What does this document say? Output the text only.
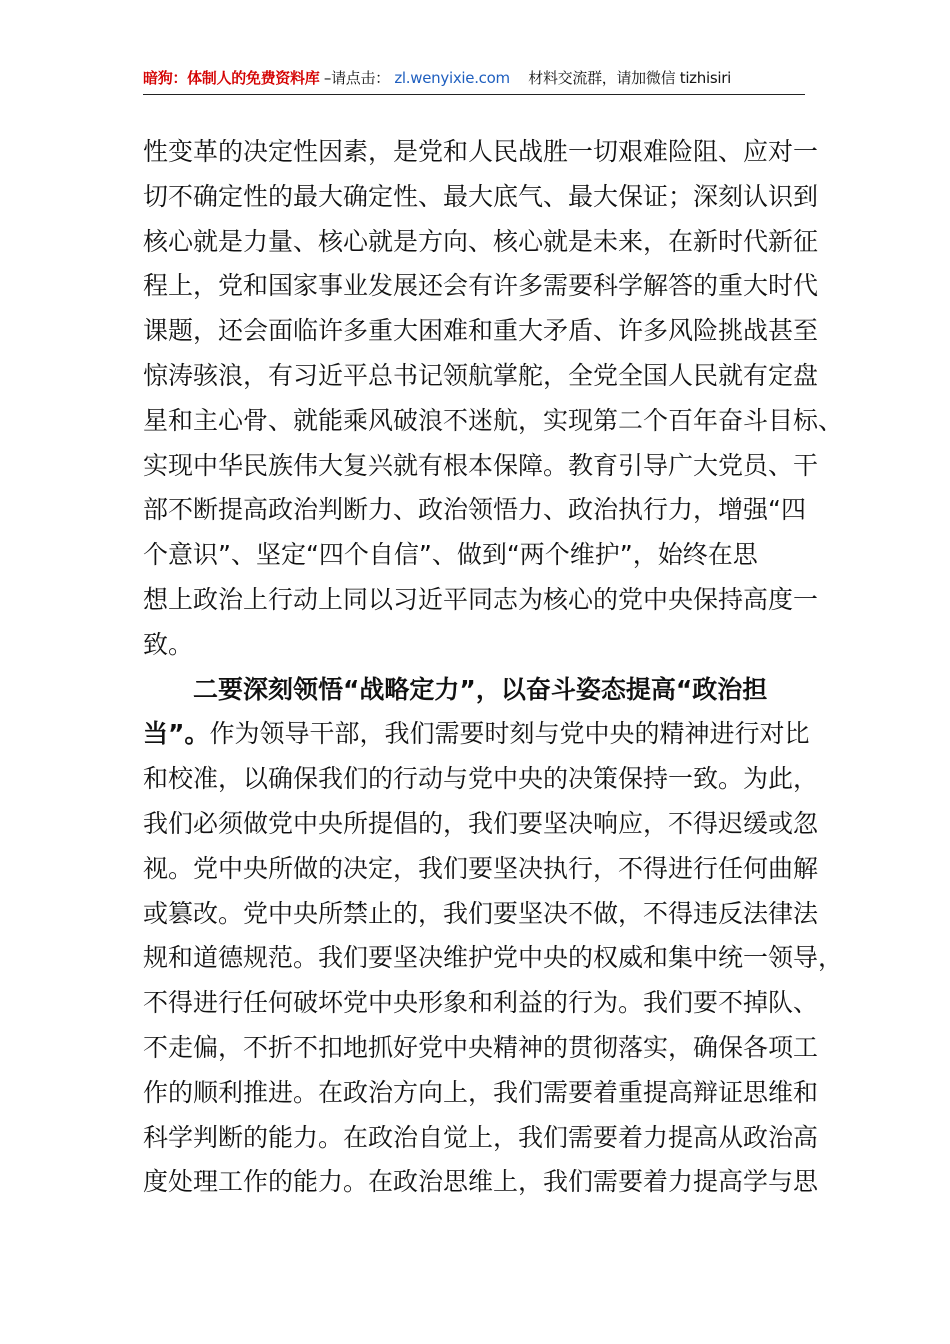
暗狗：体制人的免费资料库 –请点击： zl.wenyixie.com 材料交流群，请加微信 tizhisiri
性变革的决定性因素，是党和人民战胜一切艰难险阻、应对一
切不确定性的最大确定性、最大底气、最大保证；深刻认识到
核心就是力量、核心就是方向、核心就是未来，在新时代新征
程上，党和国家事业发展还会有许多需要科学解答的重大时代
课题，还会面临许多重大困难和重大矛盾、许多风险挑战甚至
惊涛骇浪，有习近平总书记领航掌舵，全党全国人民就有定盘
星和主心骨、就能乘风破浪不迷航，实现第二个百年奋斗目标、
实现中华民族伟大复兴就有根本保障。教育引导广大党员、干
部不断提高政治判断力、政治领悟力、政治执行力，增强“四
个意识”、坚定“四个自信”、做到“两个维护”，始终在思
想上政治上行动上同以习近平同志为核心的党中央保持高度一
致。
二要深刻领悟“战略定力”，以奋斗姿态提高“政治担
当”。作为领导干部，我们需要时刻与党中央的精神进行对比
和校准，以确保我们的行动与党中央的决策保持一致。为此，
我们必须做党中央所提倡的，我们要坚决响应，不得迟缓或忽
视。党中央所做的决定，我们要坚决执行，不得进行任何曲解
或篡改。党中央所禁止的，我们要坚决不做，不得违反法律法
规和道德规范。我们要坚决维护党中央的权威和集中统一领导，
不得进行任何破坏党中央形象和利益的行为。我们要不掉队、
不走偏，不折不扣地抓好党中央精神的贯彻落实，确保各项工
作的顺利推进。在政治方向上，我们需要着重提高辩证思维和
科学判断的能力。在政治自觉上，我们需要着力提高从政治高
度处理工作的能力。在政治思维上，我们需要着力提高学与思
